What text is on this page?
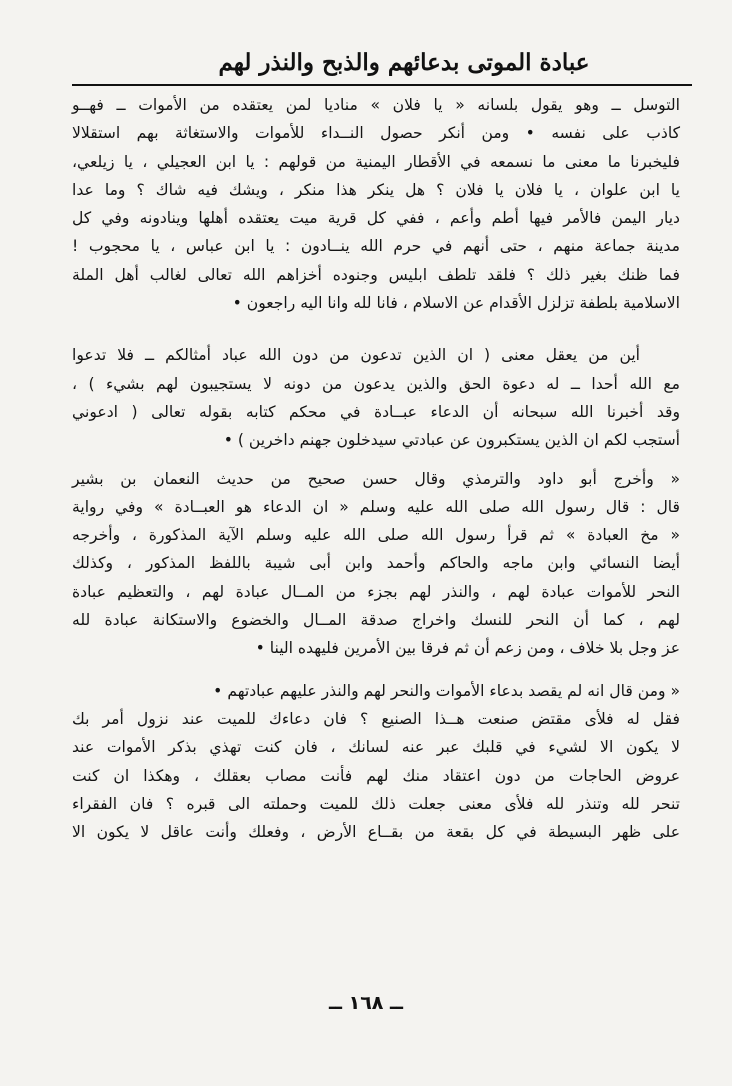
عبادة الموتى بدعائهم والذبح والنذر لهم
التوسل ــ وهو يقول بلسانه « يا فلان » مناديا لمن يعتقده من الأموات ــ فهــو
كاذب على نفسه • ومن أنكر حصول النــداء للأموات والاستغاثة بهم استقلالا
فليخبرنا ما معنى ما نسمعه في الأقطار اليمنية من قولهم : يا ابن العجيلي ، يا زيلعي،
يا ابن علوان ، يا فلان يا فلان ؟ هل ينكر هذا منكر ، ويشك فيه شاك ؟ وما عدا
ديار اليمن فالأمر فيها أطم وأعم ، ففي كل قرية ميت يعتقده أهلها وينادونه وفي كل
مدينة جماعة منهم ، حتى أنهم في حرم الله ينــادون : يا ابن عباس ، يا محجوب !
فما ظنك بغير ذلك ؟ فلقد تلطف ابليس وجنوده أخزاهم الله تعالى لغالب أهل الملة
الاسلامية بلطفة تزلزل الأقدام عن الاسلام ، فانا لله وانا اليه راجعون •
أين من يعقل معنى ( ان الذين تدعون من دون الله عباد أمثالكم ــ فلا تدعوا
مع الله أحدا ــ له دعوة الحق والذين يدعون من دونه لا يستجيبون لهم بشيء ) ،
وقد أخبرنا الله سبحانه أن الدعاء عبــادة في محكم كتابه بقوله تعالى ( ادعوني
أستجب لكم ان الذين يستكبرون عن عبادتي سيدخلون جهنم داخرين ) •
« وأخرج أبو داود والترمذي وقال حسن صحيح من حديث النعمان بن بشير
قال : قال رسول الله صلى الله عليه وسلم « ان الدعاء هو العبــادة » وفي رواية
« مخ العبادة » ثم قرأ رسول الله صلى الله عليه وسلم الآية المذكورة ، وأخرجه
أيضا النسائي وابن ماجه والحاكم وأحمد وابن أبى شيبة باللفظ المذكور ، وكذلك
النحر للأموات عبادة لهم ، والنذر لهم بجزء من المــال عبادة لهم ، والتعظيم عبادة
لهم ، كما أن النحر للنسك واخراج صدقة المــال والخضوع والاستكانة عبادة لله
عز وجل بلا خلاف ، ومن زعم أن ثم فرقا بين الأمرين فليهده الينا •
« ومن قال انه لم يقصد بدعاء الأموات والنحر لهم والنذر عليهم عبادتهم •
فقل له فلأى مقتض صنعت هــذا الصنيع ؟ فان دعاءك للميت عند نزول أمر بك
لا يكون الا لشيء في قلبك عبر عنه لسانك ، فان كنت تهذي بذكر الأموات عند
عروض الحاجات من دون اعتقاد منك لهم فأنت مصاب بعقلك ، وهكذا ان كنت
تنحر لله وتنذر لله فلأى معنى جعلت ذلك للميت وحملته الى قبره ؟ فان الفقراء
على ظهر البسيطة في كل بقعة من بقــاع الأرض ، وفعلك وأنت عاقل لا يكون الا
ــ ١٦٨ ــ
